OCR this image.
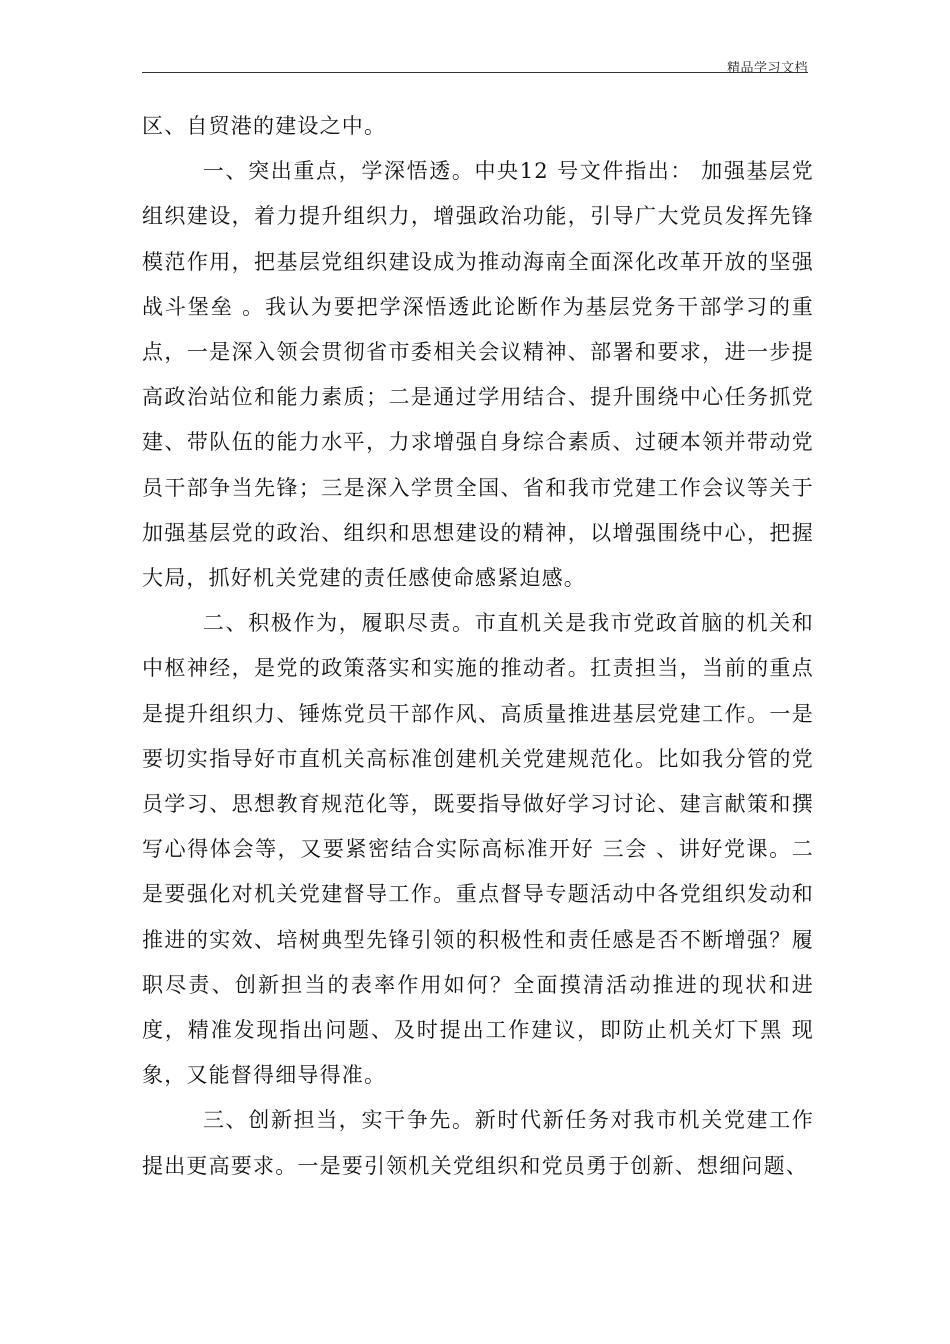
精品学习文档

区、自贸港的建设之中。

一、突出重点，学深悟透。中央12 号文件指出： 加强基层党组织建设，着力提升组织力，增强政治功能，引导广大党员发挥先锋模范作用，把基层党组织建设成为推动海南全面深化改革开放的坚强战斗堡垒 。我认为要把学深悟透此论断作为基层党务干部学习的重点，一是深入领会贯彻省市委相关会议精神、部署和要求，进一步提高政治站位和能力素质；二是通过学用结合、提升围绕中心任务抓党建、带队伍的能力水平，力求增强自身综合素质、过硬本领并带动党员干部争当先锋；三是深入学贯全国、省和我市党建工作会议等关于加强基层党的政治、组织和思想建设的精神，以增强围绕中心，把握大局，抓好机关党建的责任感使命感紧迫感。

二、积极作为，履职尽责。市直机关是我市党政首脑的机关和中枢神经，是党的政策落实和实施的推动者。扛责担当，当前的重点是提升组织力、锤炼党员干部作风、高质量推进基层党建工作。一是要切实指导好市直机关高标准创建机关党建规范化。比如我分管的党员学习、思想教育规范化等，既要指导做好学习讨论、建言献策和撰写心得体会等，又要紧密结合实际高标准开好 三会 、讲好党课。二是要强化对机关党建督导工作。重点督导专题活动中各党组织发动和推进的实效、培树典型先锋引领的积极性和责任感是否不断增强？履职尽责、创新担当的表率作用如何？全面摸清活动推进的现状和进度，精准发现指出问题、及时提出工作建议，即防止机关灯下黑 现象，又能督得细导得准。

三、创新担当，实干争先。新时代新任务对我市机关党建工作提出更高要求。一是要引领机关党组织和党员勇于创新、想细问题、
